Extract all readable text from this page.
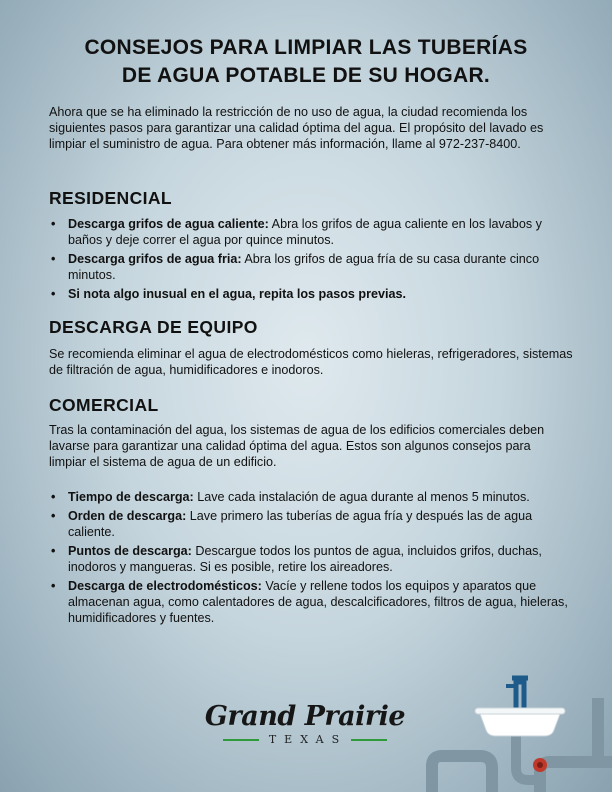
CONSEJOS PARA LIMPIAR LAS TUBERÍAS
DE AGUA POTABLE DE SU HOGAR.

Ahora que se ha eliminado la restricción de no uso de agua, la ciudad recomienda los siguientes pasos para garantizar una calidad óptima del agua. El propósito del lavado es limpiar el suministro de agua. Para obtener más información, llame al 972-237-8400.

RESIDENCIAL
• Descarga grifos de agua caliente: Abra los grifos de agua caliente en los lavabos y baños y deje correr el agua por quince minutos.
• Descarga grifos de agua fria: Abra los grifos de agua fría de su casa durante cinco minutos.
• Si nota algo inusual en el agua, repita los pasos previas.
DESCARGA DE EQUIPO

Se recomienda eliminar el agua de electrodomésticos como hieleras, refrigeradores, sistemas de filtración de agua, humidificadores e inodoros.

COMERCIAL

Tras la contaminación del agua, los sistemas de agua de los edificios comerciales deben lavarse para garantizar una calidad óptima del agua. Estos son algunos consejos para limpiar el sistema de agua de un edificio.

• Tiempo de descarga: Lave cada instalación de agua durante al menos 5 minutos.
• Orden de descarga: Lave primero las tuberías de agua fría y después las de agua caliente.
• Puntos de descarga: Descargue todos los puntos de agua, incluidos grifos, duchas, inodoros y mangueras. Si es posible, retire los aireadores.
• Descarga de electrodomésticos: Vacíe y rellene todos los equipos y aparatos que almacenan agua, como calentadores de agua, descalcificadores, filtros de agua, hieleras, humidificadores y fuentes.
Grand Prairie
TEXAS
